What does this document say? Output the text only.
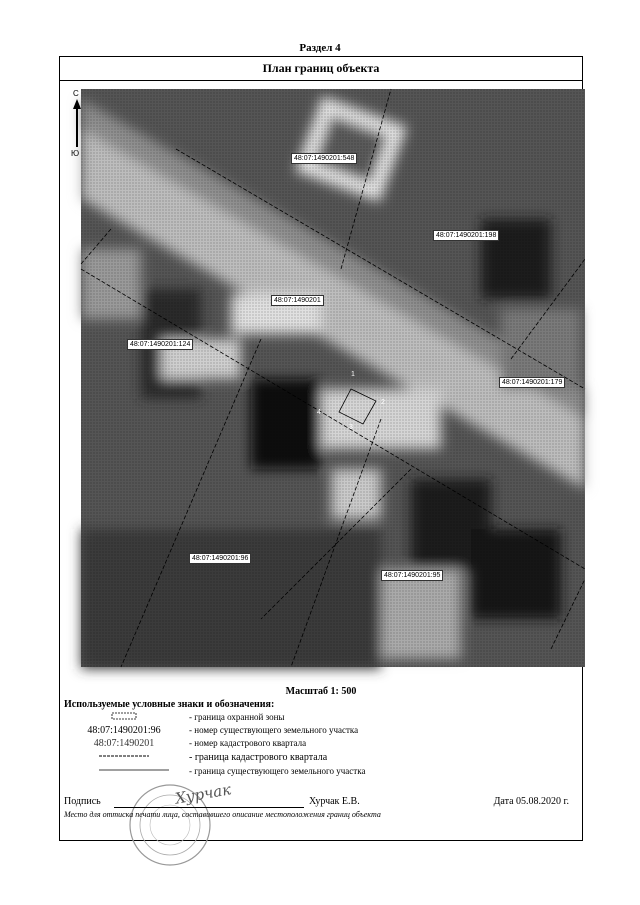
Раздел 4
План границ объекта
С
Ю
48:07:1490201:548
48:07:1490201:198
48:07:1490201
48:07:1490201:124
48:07:1490201:179
48:07:1490201:96
48:07:1490201:95
1
2
3
4
Масштаб 1: 500
Используемые условные знаки и обозначения:
- граница охранной зоны
48:07:1490201:96	- номер существующего земельного участка
48:07:1490201	- номер кадастрового квартала
- граница кадастрового квартала
- граница существующего земельного участка
Хурчак
Подпись	Хурчак Е.В.	Дата 05.08.2020 г.
Место для оттиска печати лица, составившего описание местоположения границ объекта
